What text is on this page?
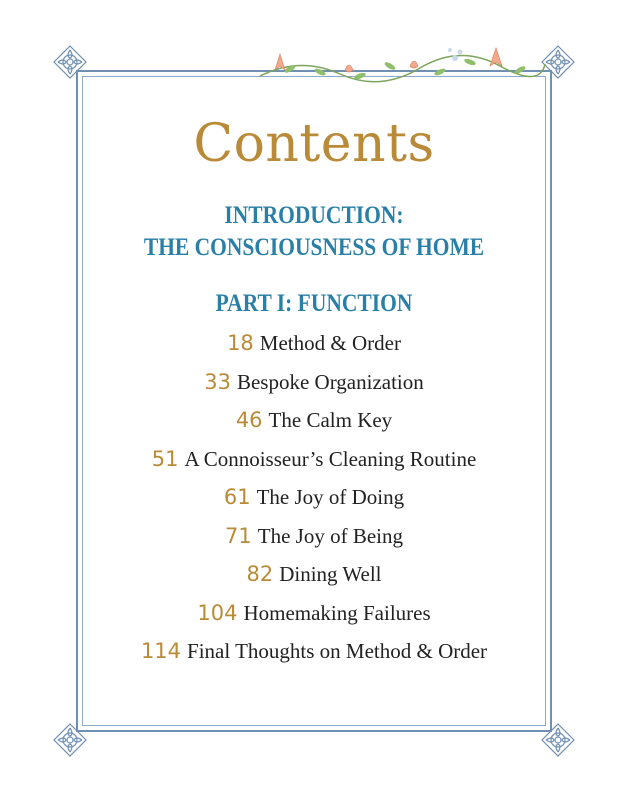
Contents
INTRODUCTION:
THE CONSCIOUSNESS OF HOME
PART I: FUNCTION
18 Method & Order
33 Bespoke Organization
46 The Calm Key
51 A Connoisseur’s Cleaning Routine
61 The Joy of Doing
71 The Joy of Being
82 Dining Well
104 Homemaking Failures
114 Final Thoughts on Method & Order
